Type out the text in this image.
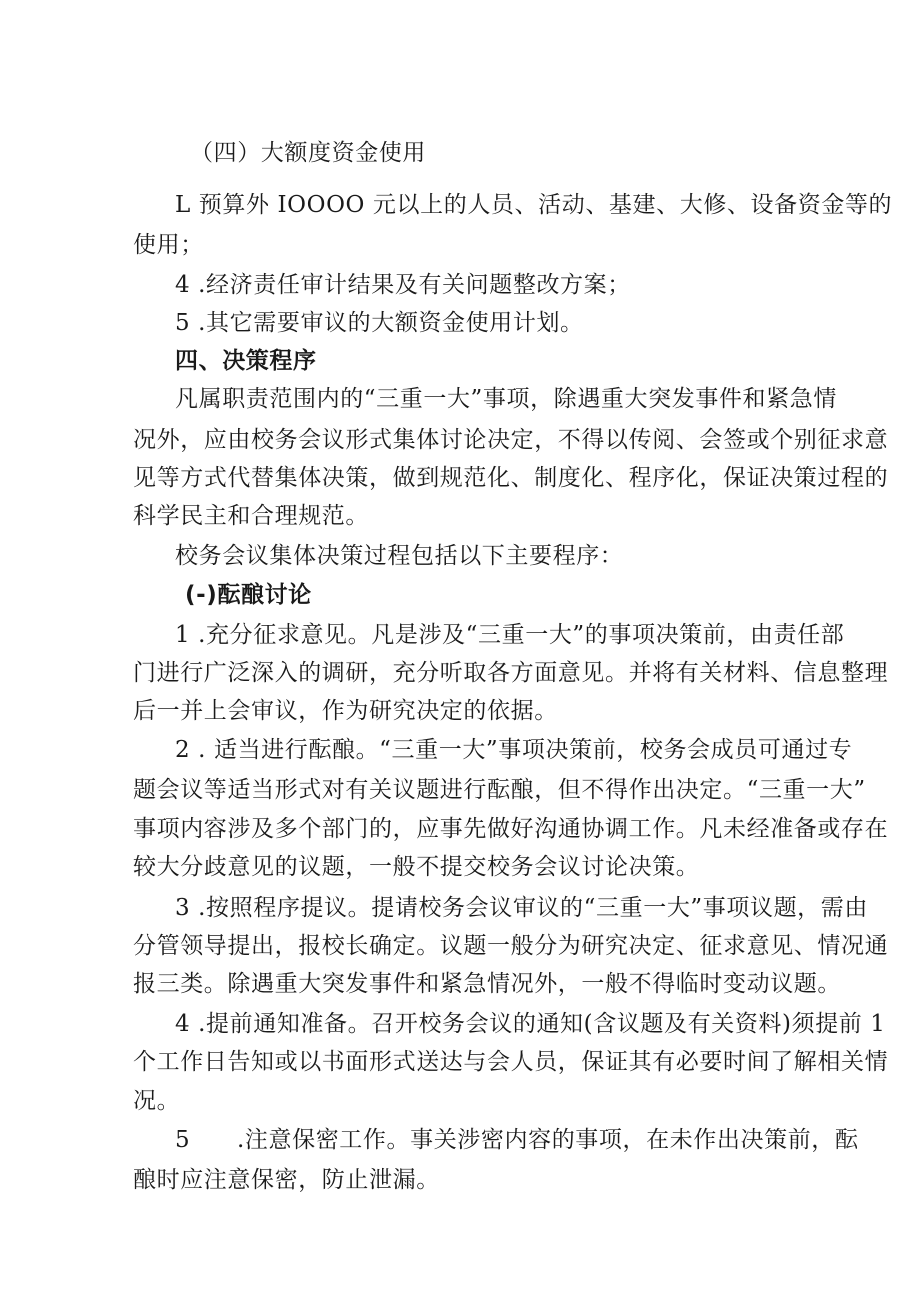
（四）大额度资金使用
L 预算外 IOOOO 元以上的人员、活动、基建、大修、设备资金等的
使用；
4 .经济责任审计结果及有关问题整改方案；
5 .其它需要审议的大额资金使用计划。
四、决策程序
凡属职责范围内的“三重一大”事项，除遇重大突发事件和紧急情
况外，应由校务会议形式集体讨论决定，不得以传阅、会签或个别征求意
见等方式代替集体决策，做到规范化、制度化、程序化，保证决策过程的
科学民主和合理规范。
校务会议集体决策过程包括以下主要程序：
(-)酝酿讨论
1 .充分征求意见。凡是涉及“三重一大”的事项决策前，由责任部
门进行广泛深入的调研，充分听取各方面意见。并将有关材料、信息整理
后一并上会审议，作为研究决定的依据。
2 . 适当进行酝酿。“三重一大”事项决策前，校务会成员可通过专
题会议等适当形式对有关议题进行酝酿，但不得作出决定。“三重一大”
事项内容涉及多个部门的，应事先做好沟通协调工作。凡未经准备或存在
较大分歧意见的议题，一般不提交校务会议讨论决策。
3 .按照程序提议。提请校务会议审议的“三重一大”事项议题，需由
分管领导提出，报校长确定。议题一般分为研究决定、征求意见、情况通
报三类。除遇重大突发事件和紧急情况外，一般不得临时变动议题。
4 .提前通知准备。召开校务会议的通知(含议题及有关资料)须提前 1
个工作日告知或以书面形式送达与会人员，保证其有必要时间了解相关情
况。
5 .注意保密工作。事关涉密内容的事项，在未作出决策前，酝
酿时应注意保密，防止泄漏。
